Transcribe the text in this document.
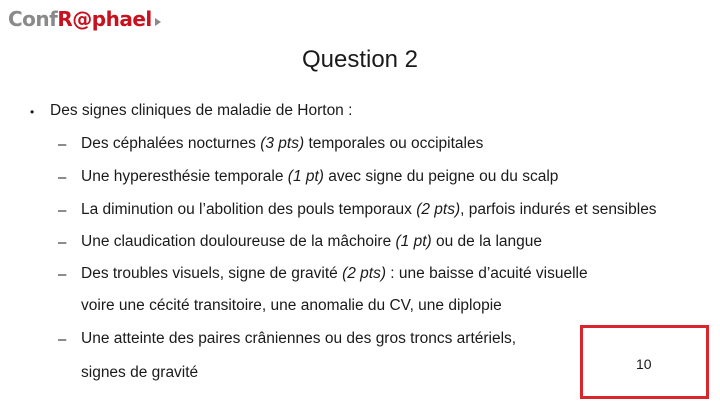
Conf R@ phael
Question 2
• Des signes cliniques de maladie de Horton :
– Des céphalées nocturnes (3 pts) temporales ou occipitales
– Une hyperesthésie temporale (1 pt) avec signe du peigne ou du scalp
– La diminution ou l’abolition des pouls temporaux (2 pts), parfois indurés et sensibles
– Une claudication douloureuse de la mâchoire (1 pt) ou de la langue
– Des troubles visuels, signe de gravité (2 pts) : une baisse d’acuité visuelle
voire une cécité transitoire, une anomalie du CV, une diplopie
– Une atteinte des paires crâniennes ou des gros troncs artériels,
signes de gravité	10
